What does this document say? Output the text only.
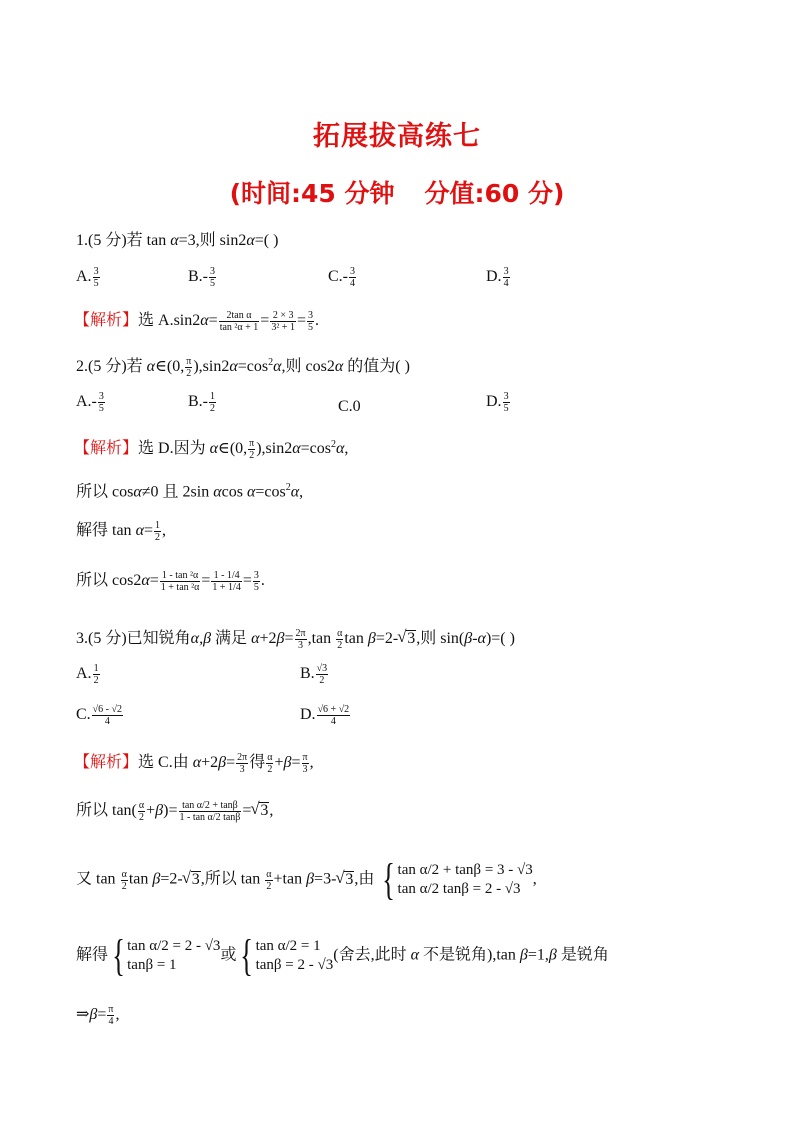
拓展拔高练七
(时间:45 分钟 分值:60 分)
1.(5 分)若 tan α=3,则 sin2α=( )
A. $\frac{3}{5}$	$B.- \frac{3}{5}$	$C.- \frac{3}{4}$	D. $\frac{3}{4}$
【解析】选 $A.\sin 2\alpha= \frac{\text{2tan α}}{\text{tan ²α + 1}} = \frac{2 \times 3}{\text{3² + 1}} = \frac{3}{5}$ .
2.(5 分)若 α∈(0, $\frac{\pi}{2} ),\sin 2\alpha=\cos^2\alpha$,则 cos2α 的值为( )
$A.- \frac{3}{5}$	$B.- \frac{1}{2}$	C.0	D. $\frac{3}{5}$
【解析】选 D.因为 α∈(0, $\frac{\pi}{2} ),\sin 2\alpha=\cos^2\alpha$,
所以 cosα≠0 且 2sin αcos $\alpha=\cos^2\alpha$,
解得 $\tan \alpha= \frac{1}{2}$ ,
所以 $\cos 2\alpha= \frac{\text{1 - tan ²α}}{\text{1 + tan ²α}} = \frac{1 - 1/4}{1 + 1/4} = \frac{3}{5}$ .
3.(5 分)已知锐角α,β 满足 $\alpha+2\beta= \frac{2\pi}{3} ,\tan \frac{\alpha}{2}$ tan β=2- √ 3,则 sin(β-α)=( )
A. $\frac{1}{2}$	B. $\frac{√3}{2}$
C. $\frac{√6 - √2}{4}$	D. $\frac{√6 + √2}{4}$
【解析】选 C.由 $\alpha+2\beta= \frac{2\pi}{3}$ 得 $\frac{\alpha}{2} +\beta= \frac{\pi}{3}$ ,
所以 $\tan( \frac{\alpha}{2} +\beta)= \frac{\text{tan α/2 + tanβ}}{\text{1 - tan α/2 tanβ}}$ = √ 3,
又 $\tan \frac{\alpha}{2}$ tan β=2- √ 3,所以 $\tan \frac{\alpha}{2} +\tan$ β=3- √ 3,由 { tan α/2 + tanβ = 3 - √3
tan α/2 tanβ = 2 - √3
,
解得 { tan α/2 = 2 - √3
tanβ = 1
或 { tan α/2 = 1
tanβ = 2 - √3
(舍去,此时 α 不是锐角),tan β=1,β 是锐角
⇒β= $\frac{\pi}{4}$ ,
